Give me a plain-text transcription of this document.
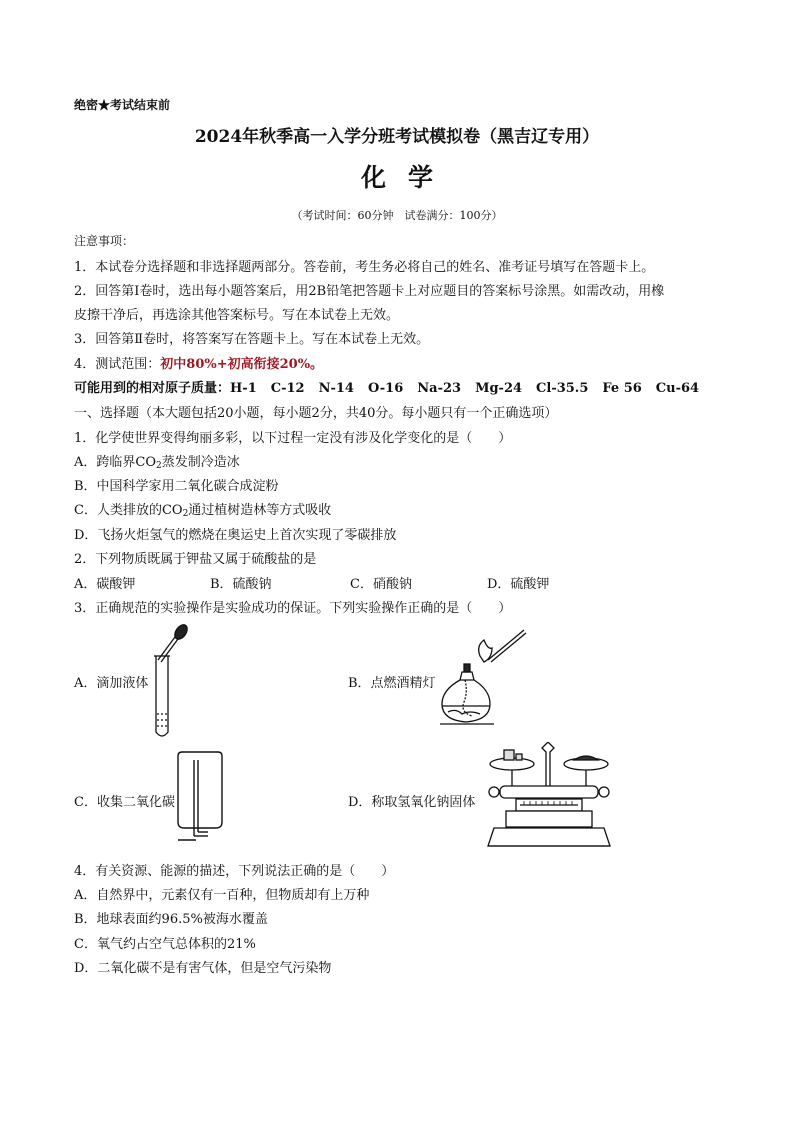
绝密★考试结束前
2024年秋季高一入学分班考试模拟卷（黑吉辽专用）
化学
（考试时间：60分钟　试卷满分：100分）
注意事项：
1．本试卷分选择题和非选择题两部分。答卷前，考生务必将自己的姓名、准考证号填写在答题卡上。
2．回答第Ⅰ卷时，选出每小题答案后，用2B铅笔把答题卡上对应题目的答案标号涂黑。如需改动，用橡
皮擦干净后，再选涂其他答案标号。写在本试卷上无效。
3．回答第Ⅱ卷时，将答案写在答题卡上。写在本试卷上无效。
4．测试范围：初中80%+初高衔接20%。
可能用到的相对原子质量：H-1 C-12 N-14 O-16 Na-23 Mg-24 Cl-35.5 Fe 56 Cu-64
一、选择题（本大题包括20小题，每小题2分，共40分。每小题只有一个正确选项）
1．化学使世界变得绚丽多彩，以下过程一定没有涉及化学变化的是（　　）
A．跨临界$CO_2$蒸发制冷造冰
B．中国科学家用二氧化碳合成淀粉
C．人类排放的$CO_2$通过植树造林等方式吸收
D．飞扬火炬氢气的燃烧在奥运史上首次实现了零碳排放
2．下列物质既属于钾盐又属于硫酸盐的是
A．碳酸钾	B．硫酸钠	C．硝酸钠	D．硫酸钾
3．正确规范的实验操作是实验成功的保证。下列实验操作正确的是（　　）
A．滴加液体	B．点燃酒精灯
C．收集二氧化碳	D．称取氢氧化钠固体
4．有关资源、能源的描述，下列说法正确的是（　　）
A．自然界中，元素仅有一百种，但物质却有上万种
B．地球表面约96.5%被海水覆盖
C．氧气约占空气总体积的21%
D．二氧化碳不是有害气体，但是空气污染物
